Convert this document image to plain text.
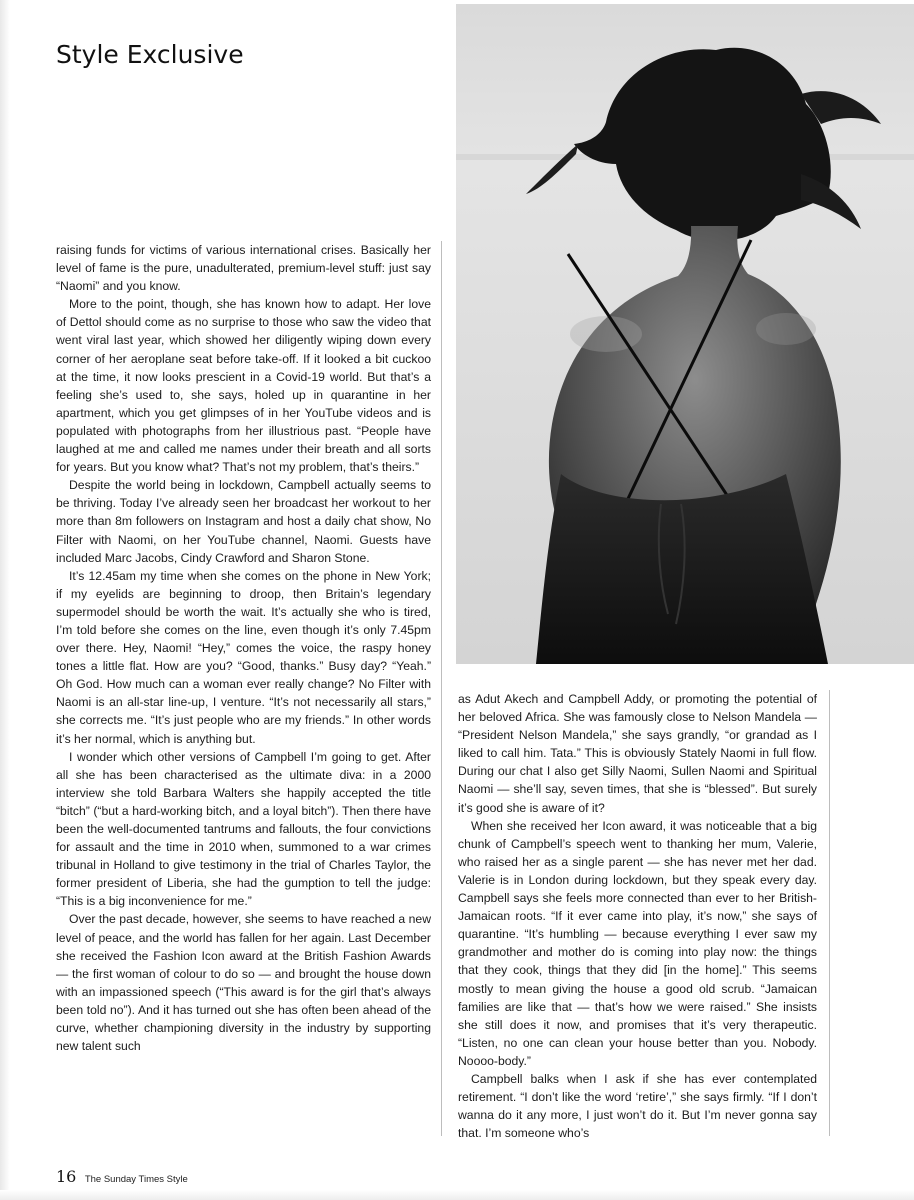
Style Exclusive

raising funds for victims of various international crises. Basically her level of fame is the pure, unadulterated, premium-level stuff: just say “Naomi” and you know.

More to the point, though, she has known how to adapt. Her love of Dettol should come as no surprise to those who saw the video that went viral last year, which showed her diligently wiping down every corner of her aeroplane seat before take-off. If it looked a bit cuckoo at the time, it now looks prescient in a Covid-19 world. But that’s a feeling she’s used to, she says, holed up in quarantine in her apartment, which you get glimpses of in her YouTube videos and is populated with photographs from her illustrious past. “People have laughed at me and called me names under their breath and all sorts for years. But you know what? That’s not my problem, that’s theirs.”

Despite the world being in lockdown, Campbell actually seems to be thriving. Today I’ve already seen her broadcast her workout to her more than 8m followers on Instagram and host a daily chat show, No Filter with Naomi, on her YouTube channel, Naomi. Guests have included Marc Jacobs, Cindy Crawford and Sharon Stone.

It’s 12.45am my time when she comes on the phone in New York; if my eyelids are beginning to droop, then Britain’s legendary supermodel should be worth the wait. It’s actually she who is tired, I’m told before she comes on the line, even though it’s only 7.45pm over there. Hey, Naomi! “Hey,” comes the voice, the raspy honey tones a little flat. How are you? “Good, thanks.” Busy day? “Yeah.” Oh God. How much can a woman ever really change? No Filter with Naomi is an all-star line-up, I venture. “It’s not necessarily all stars,” she corrects me. “It’s just people who are my friends.” In other words it’s her normal, which is anything but.

I wonder which other versions of Campbell I’m going to get. After all she has been characterised as the ultimate diva: in a 2000 interview she told Barbara Walters she happily accepted the title “bitch” (“but a hard-working bitch, and a loyal bitch”). Then there have been the well-documented tantrums and fallouts, the four convictions for assault and the time in 2010 when, summoned to a war crimes tribunal in Holland to give testimony in the trial of Charles Taylor, the former president of Liberia, she had the gumption to tell the judge: “This is a big inconvenience for me.”

Over the past decade, however, she seems to have reached a new level of peace, and the world has fallen for her again. Last December she received the Fashion Icon award at the British Fashion Awards — the first woman of colour to do so — and brought the house down with an impassioned speech (“This award is for the girl that’s always been told no”). And it has turned out she has often been ahead of the curve, whether championing diversity in the industry by supporting new talent such

as Adut Akech and Campbell Addy, or promoting the potential of her beloved Africa. She was famously close to Nelson Mandela — “President Nelson Mandela,” she says grandly, “or grandad as I liked to call him. Tata.” This is obviously Stately Naomi in full flow. During our chat I also get Silly Naomi, Sullen Naomi and Spiritual Naomi — she’ll say, seven times, that she is “blessed”. But surely it’s good she is aware of it?

When she received her Icon award, it was noticeable that a big chunk of Campbell’s speech went to thanking her mum, Valerie, who raised her as a single parent — she has never met her dad. Valerie is in London during lockdown, but they speak every day. Campbell says she feels more connected than ever to her British-Jamaican roots. “If it ever came into play, it’s now,” she says of quarantine. “It’s humbling — because everything I ever saw my grandmother and mother do is coming into play now: the things that they cook, things that they did [in the home].” This seems mostly to mean giving the house a good old scrub. “Jamaican families are like that — that’s how we were raised.” She insists she still does it now, and promises that it’s very therapeutic. “Listen, no one can clean your house better than you. Nobody. Noooo-body.”

Campbell balks when I ask if she has ever contemplated retirement. “I don’t like the word ‘retire’,” she says firmly. “If I don’t wanna do it any more, I just won’t do it. But I’m never gonna say that. I’m someone who’s

16 The Sunday Times Style
